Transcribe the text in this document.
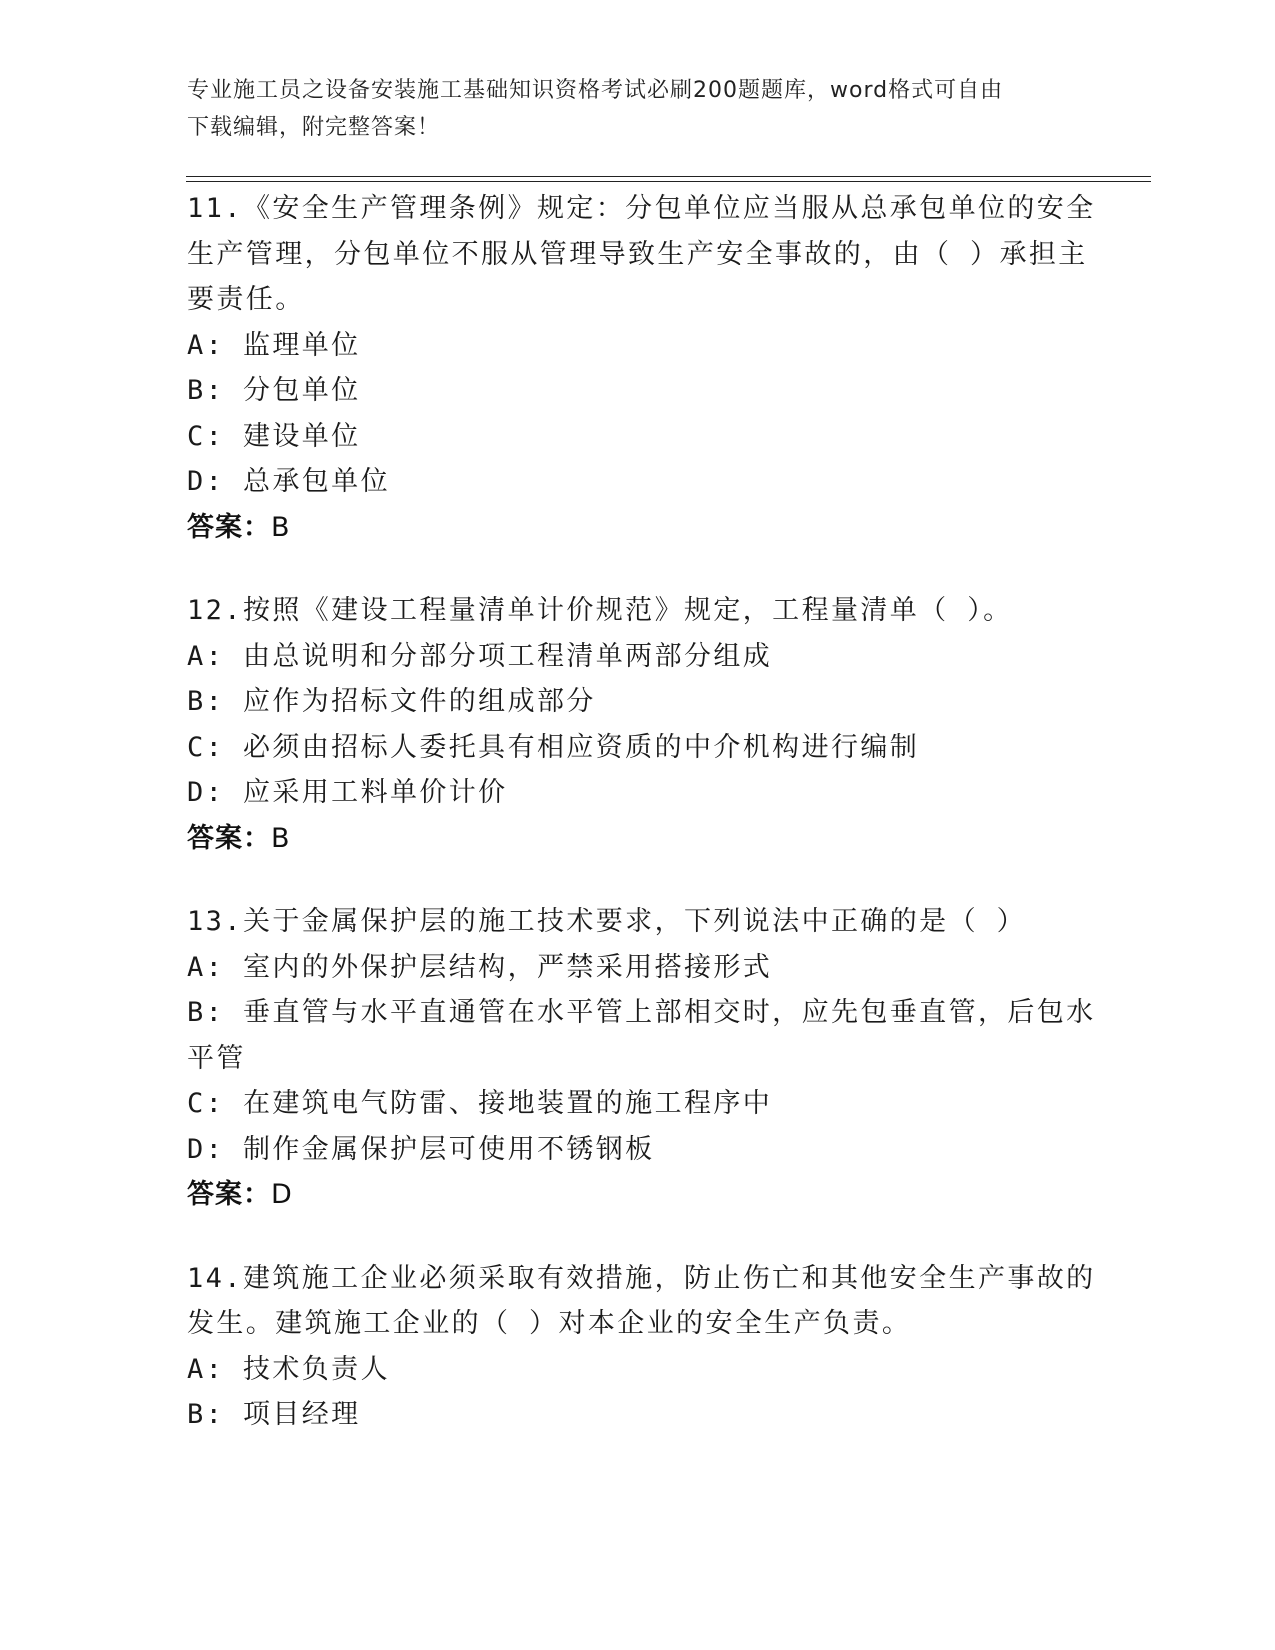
专业施工员之设备安装施工基础知识资格考试必刷200题题库，word格式可自由
下载编辑，附完整答案！
11.《安全生产管理条例》规定：分包单位应当服从总承包单位的安全
生产管理，分包单位不服从管理导致生产安全事故的，由（ ）承担主
要责任。
A: 监理单位
B: 分包单位
C: 建设单位
D: 总承包单位
答案：B
12.按照《建设工程量清单计价规范》规定，工程量清单（ ）。
A: 由总说明和分部分项工程清单两部分组成
B: 应作为招标文件的组成部分
C: 必须由招标人委托具有相应资质的中介机构进行编制
D: 应采用工料单价计价
答案：B
13.关于金属保护层的施工技术要求，下列说法中正确的是（ ）
A: 室内的外保护层结构，严禁采用搭接形式
B: 垂直管与水平直通管在水平管上部相交时，应先包垂直管，后包水
平管
C: 在建筑电气防雷、接地装置的施工程序中
D: 制作金属保护层可使用不锈钢板
答案：D
14.建筑施工企业必须采取有效措施，防止伤亡和其他安全生产事故的
发生。建筑施工企业的（ ）对本企业的安全生产负责。
A: 技术负责人
B: 项目经理
